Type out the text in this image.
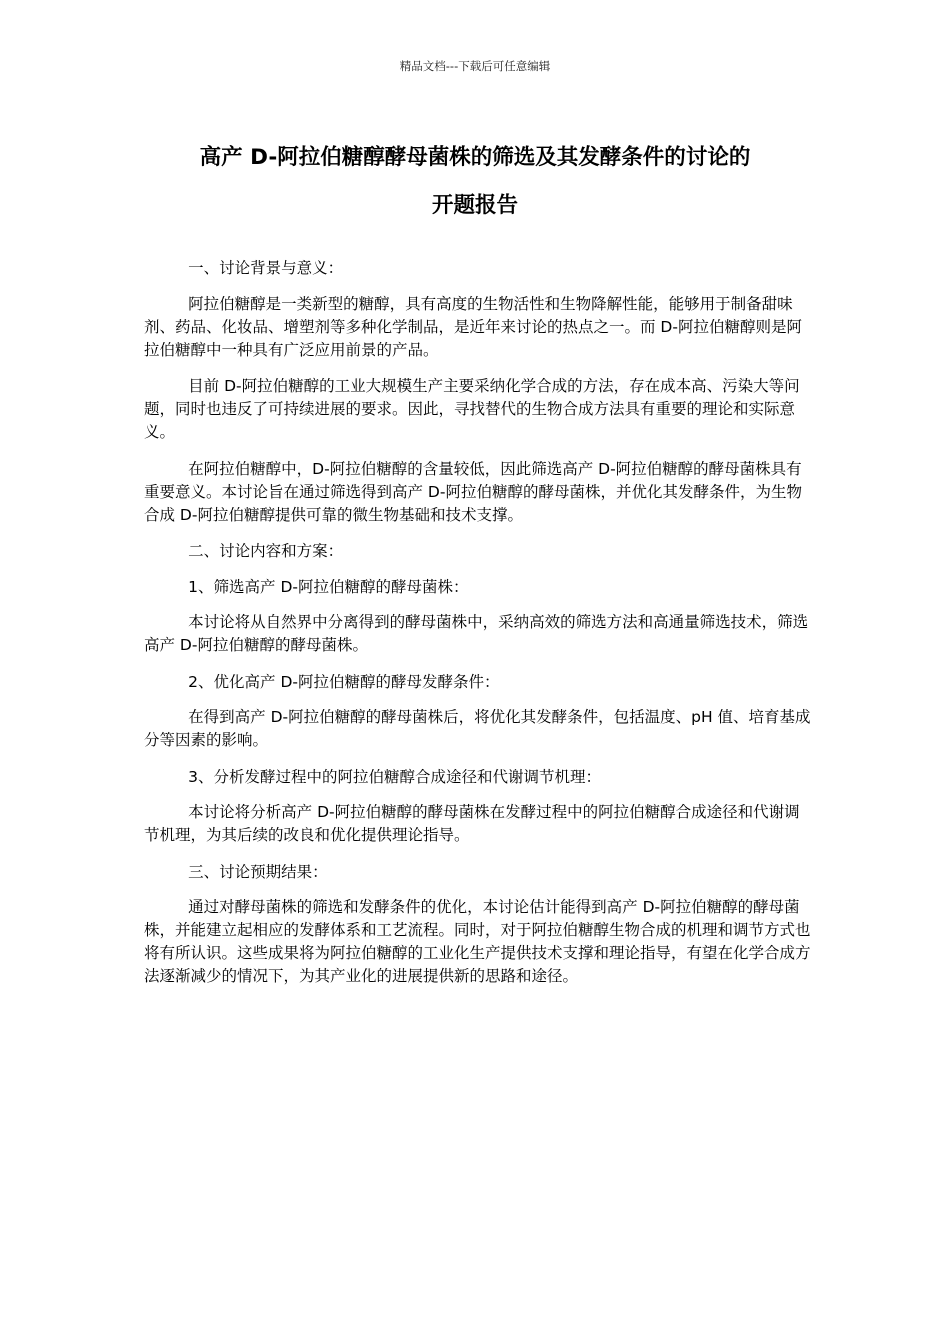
精品文档---下载后可任意编辑
高产 D-阿拉伯糖醇酵母菌株的筛选及其发酵条件的讨论的
开题报告

一、讨论背景与意义：

阿拉伯糖醇是一类新型的糖醇，具有高度的生物活性和生物降解性能，能够用于制备甜味剂、药品、化妆品、增塑剂等多种化学制品，是近年来讨论的热点之一。而 D-阿拉伯糖醇则是阿拉伯糖醇中一种具有广泛应用前景的产品。

目前 D-阿拉伯糖醇的工业大规模生产主要采纳化学合成的方法，存在成本高、污染大等问题，同时也违反了可持续进展的要求。因此，寻找替代的生物合成方法具有重要的理论和实际意义。

在阿拉伯糖醇中，D-阿拉伯糖醇的含量较低，因此筛选高产 D-阿拉伯糖醇的酵母菌株具有重要意义。本讨论旨在通过筛选得到高产 D-阿拉伯糖醇的酵母菌株，并优化其发酵条件，为生物合成 D-阿拉伯糖醇提供可靠的微生物基础和技术支撑。

二、讨论内容和方案：

1、筛选高产 D-阿拉伯糖醇的酵母菌株：

本讨论将从自然界中分离得到的酵母菌株中，采纳高效的筛选方法和高通量筛选技术，筛选高产 D-阿拉伯糖醇的酵母菌株。

2、优化高产 D-阿拉伯糖醇的酵母发酵条件：

在得到高产 D-阿拉伯糖醇的酵母菌株后，将优化其发酵条件，包括温度、pH 值、培育基成分等因素的影响。

3、分析发酵过程中的阿拉伯糖醇合成途径和代谢调节机理：

本讨论将分析高产 D-阿拉伯糖醇的酵母菌株在发酵过程中的阿拉伯糖醇合成途径和代谢调节机理，为其后续的改良和优化提供理论指导。

三、讨论预期结果：

通过对酵母菌株的筛选和发酵条件的优化，本讨论估计能得到高产 D-阿拉伯糖醇的酵母菌株，并能建立起相应的发酵体系和工艺流程。同时，对于阿拉伯糖醇生物合成的机理和调节方式也将有所认识。这些成果将为阿拉伯糖醇的工业化生产提供技术支撑和理论指导，有望在化学合成方法逐渐减少的情况下，为其产业化的进展提供新的思路和途径。
